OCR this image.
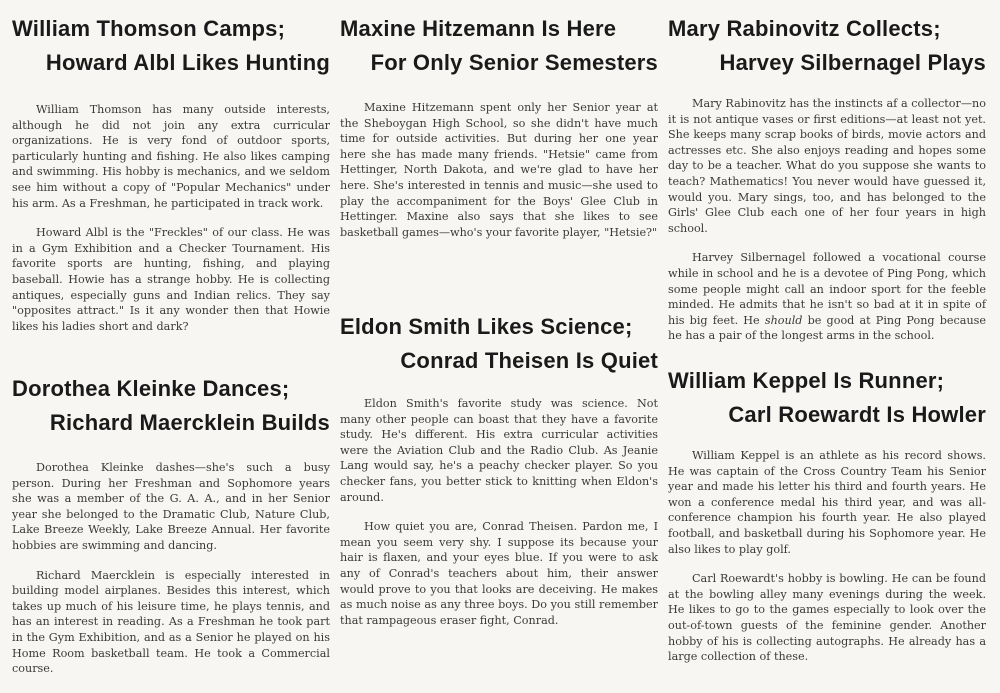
William Thomson Camps;
Howard Albl Likes Hunting

William Thomson has many outside interests, although he did not join any extra curricular organizations. He is very fond of outdoor sports, particularly hunting and fishing. He also likes camping and swimming. His hobby is mechanics, and we seldom see him without a copy of "Popular Mechanics" under his arm. As a Freshman, he participated in track work.

Howard Albl is the "Freckles" of our class. He was in a Gym Exhibition and a Checker Tournament. His favorite sports are hunting, fishing, and playing baseball. Howie has a strange hobby. He is collecting antiques, especially guns and Indian relics. They say "opposites attract." Is it any wonder then that Howie likes his ladies short and dark?

Dorothea Kleinke Dances;
Richard Maercklein Builds

Dorothea Kleinke dashes—she's such a busy person. During her Freshman and Sophomore years she was a member of the G. A. A., and in her Senior year she belonged to the Dramatic Club, Nature Club, Lake Breeze Weekly, Lake Breeze Annual. Her favorite hobbies are swimming and dancing.

Richard Maercklein is especially interested in building model airplanes. Besides this interest, which takes up much of his leisure time, he plays tennis, and has an interest in reading. As a Freshman he took part in the Gym Exhibition, and as a Senior he played on his Home Room basketball team. He took a Commercial course.

Maxine Hitzemann Is Here
For Only Senior Semesters

Maxine Hitzemann spent only her Senior year at the Sheboygan High School, so she didn't have much time for outside activities. But during her one year here she has made many friends. "Hetsie" came from Hettinger, North Dakota, and we're glad to have her here. She's interested in tennis and music—she used to play the accompaniment for the Boys' Glee Club in Hettinger. Maxine also says that she likes to see basketball games—who's your favorite player, "Hetsie?"

Eldon Smith Likes Science;
Conrad Theisen Is Quiet

Eldon Smith's favorite study was science. Not many other people can boast that they have a favorite study. He's different. His extra curricular activities were the Aviation Club and the Radio Club. As Jeanie Lang would say, he's a peachy checker player. So you checker fans, you better stick to knitting when Eldon's around.

How quiet you are, Conrad Theisen. Pardon me, I mean you seem very shy. I suppose its because your hair is flaxen, and your eyes blue. If you were to ask any of Conrad's teachers about him, their answer would prove to you that looks are deceiving. He makes as much noise as any three boys. Do you still remember that rampageous eraser fight, Conrad.

Mary Rabinovitz Collects;
Harvey Silbernagel Plays

Mary Rabinovitz has the instincts af a collector—no it is not antique vases or first editions—at least not yet. She keeps many scrap books of birds, movie actors and actresses etc. She also enjoys reading and hopes some day to be a teacher. What do you suppose she wants to teach? Mathematics! You never would have guessed it, would you. Mary sings, too, and has belonged to the Girls' Glee Club each one of her four years in high school.

Harvey Silbernagel followed a vocational course while in school and he is a devotee of Ping Pong, which some people might call an indoor sport for the feeble minded. He admits that he isn't so bad at it in spite of his big feet. He should be good at Ping Pong because he has a pair of the longest arms in the school.

William Keppel Is Runner;
Carl Roewardt Is Howler

William Keppel is an athlete as his record shows. He was captain of the Cross Country Team his Senior year and made his letter his third and fourth years. He won a conference medal his third year, and was all-conference champion his fourth year. He also played football, and basketball during his Sophomore year. He also likes to play golf.

Carl Roewardt's hobby is bowling. He can be found at the bowling alley many evenings during the week. He likes to go to the games especially to look over the out-of-town guests of the feminine gender. Another hobby of his is collecting autographs. He already has a large collection of these.
